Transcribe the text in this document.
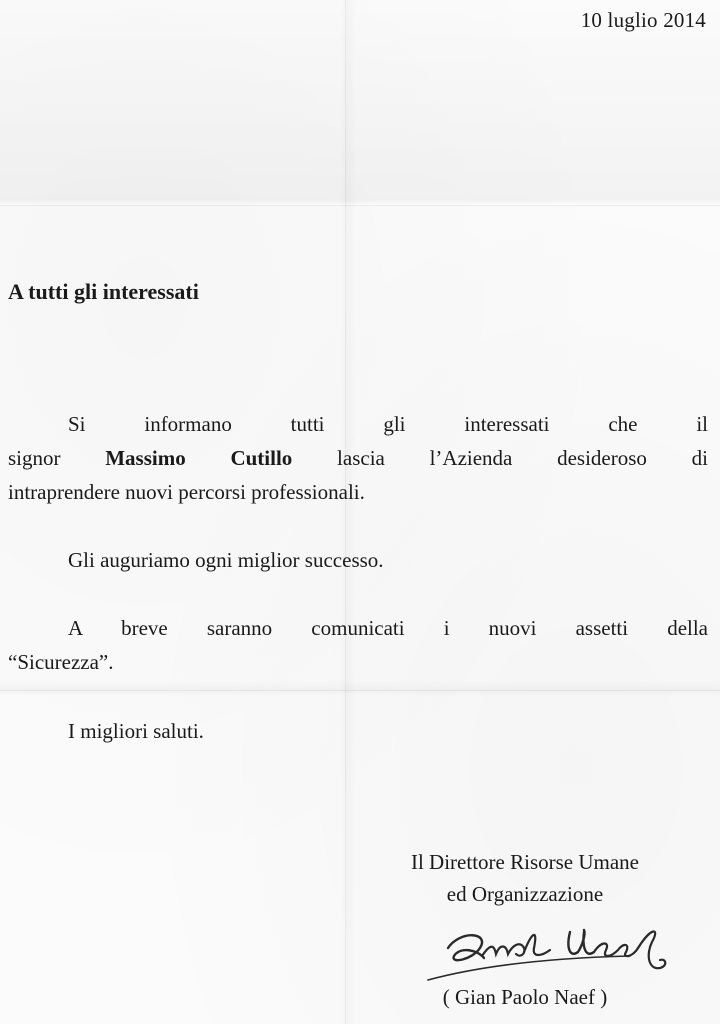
10 luglio 2014
A tutti gli interessati
Si informano tutti gli interessati che il
signor Massimo Cutillo lascia l’Azienda desideroso di
intraprendere nuovi percorsi professionali.
Gli auguriamo ogni miglior successo.
A breve saranno comunicati i nuovi assetti della
“Sicurezza”.
I migliori saluti.
Il Direttore Risorse Umane
ed Organizzazione
( Gian Paolo Naef )
